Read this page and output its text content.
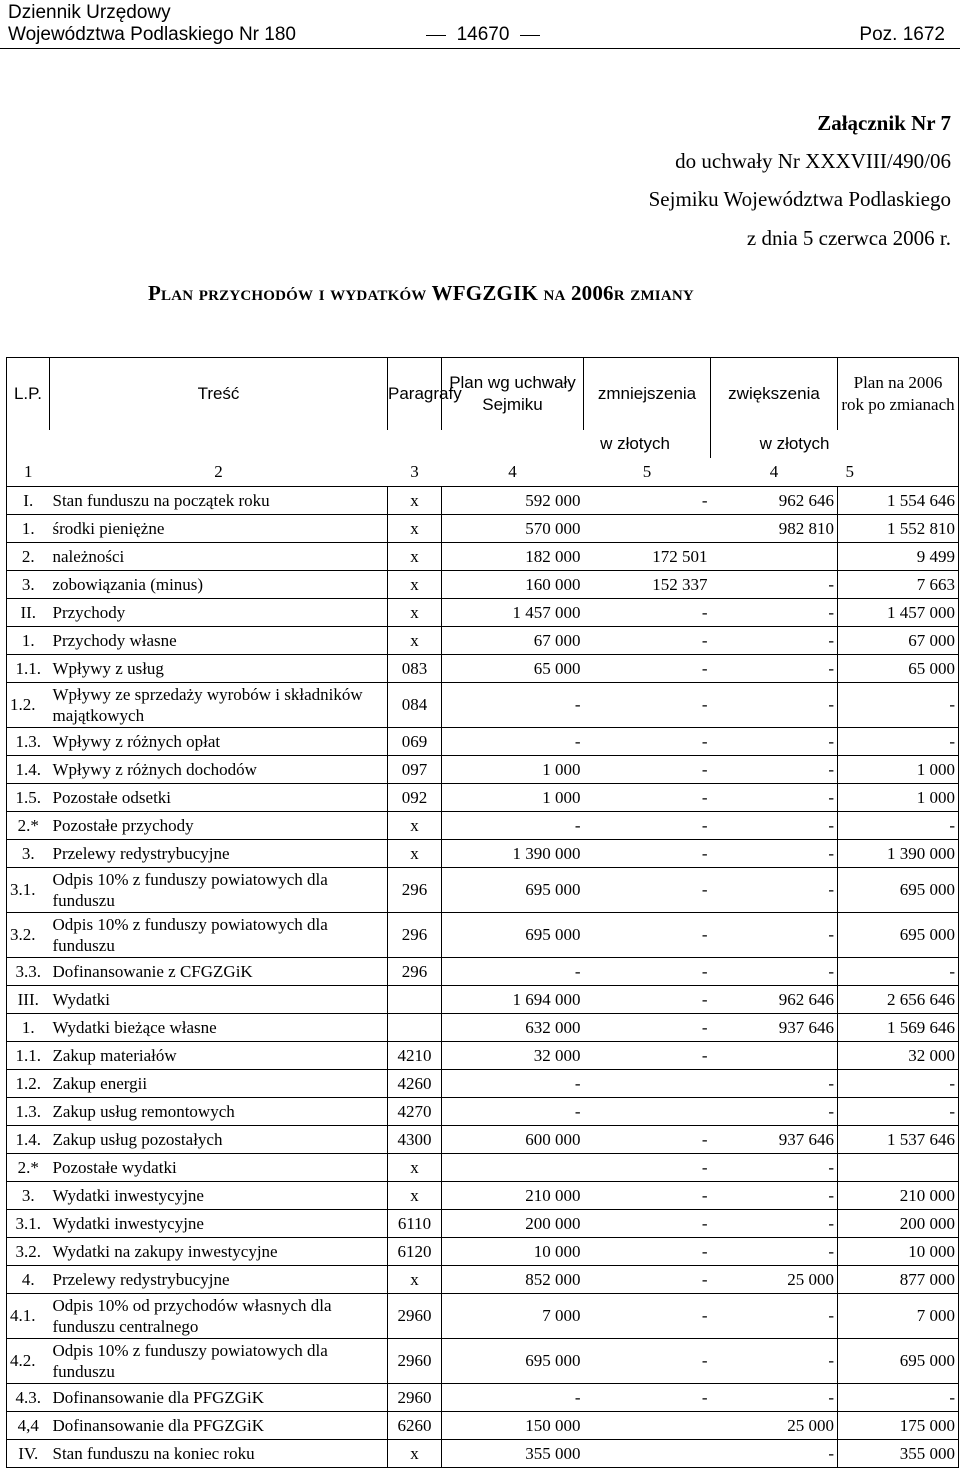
Dziennik Urzędowy
Województwa Podlaskiego Nr 180	14670	Poz. 1672
Załącznik Nr 7
do uchwały Nr XXXVIII/490/06
Sejmiku Województwa Podlaskiego
z dnia 5 czerwca 2006 r.
Plan przychodów i wydatków WFGZGIK na 2006r zmiany
L.P.	Treść	Paragrafy	Plan wg uchwały Sejmiku	zmniejszenia	zwiększenia	Plan na 2006 rok po zmianach
			w złotych		w złotych	
1	2	3	4	5	4	5
I.	Stan funduszu na początek roku	x	592 000	-	962 646	1 554 646
1.	środki pieniężne	x	570 000		982 810	1 552 810
2.	należności	x	182 000	172 501		9 499
3.	zobowiązania (minus)	x	160 000	152 337	-	7 663
II.	Przychody	x	1 457 000	-	-	1 457 000
1.	Przychody własne	x	67 000	-	-	67 000
1.1.	Wpływy z usług	083	65 000	-	-	65 000
1.2.	Wpływy ze sprzedaży wyrobów i składników majątkowych	084	-	-	-	-
1.3.	Wpływy z różnych opłat	069	-	-	-	-
1.4.	Wpływy z różnych dochodów	097	1 000	-	-	1 000
1.5.	Pozostałe odsetki	092	1 000	-	-	1 000
2.*	Pozostałe przychody	x	-	-	-	-
3.	Przelewy redystrybucyjne	x	1 390 000	-	-	1 390 000
3.1.	Odpis 10% z funduszy powiatowych dla funduszu	296	695 000	-	-	695 000
3.2.	Odpis 10% z funduszy powiatowych dla funduszu	296	695 000	-	-	695 000
3.3.	Dofinansowanie z CFGZGiK	296	-	-	-	-
III.	Wydatki		1 694 000	-	962 646	2 656 646
1.	Wydatki bieżące własne		632 000	-	937 646	1 569 646
1.1.	Zakup materiałów	4210	32 000	-		32 000
1.2.	Zakup energii	4260	-		-	-
1.3.	Zakup usług remontowych	4270	-		-	-
1.4.	Zakup usług pozostałych	4300	600 000	-	937 646	1 537 646
2.*	Pozostałe wydatki	x		-	-	
3.	Wydatki inwestycyjne	x	210 000	-	-	210 000
3.1.	Wydatki inwestycyjne	6110	200 000	-	-	200 000
3.2.	Wydatki na zakupy inwestycyjne	6120	10 000	-	-	10 000
4.	Przelewy redystrybucyjne	x	852 000	-	25 000	877 000
4.1.	Odpis 10% od przychodów własnych dla funduszu centralnego	2960	7 000	-	-	7 000
4.2.	Odpis 10% z funduszy powiatowych dla funduszu	2960	695 000	-	-	695 000
4.3.	Dofinansowanie dla PFGZGiK	2960	-	-	-	-
4,4	Dofinansowanie dla PFGZGiK	6260	150 000		25 000	175 000
IV.	Stan funduszu na koniec roku	x	355 000		-	355 000
